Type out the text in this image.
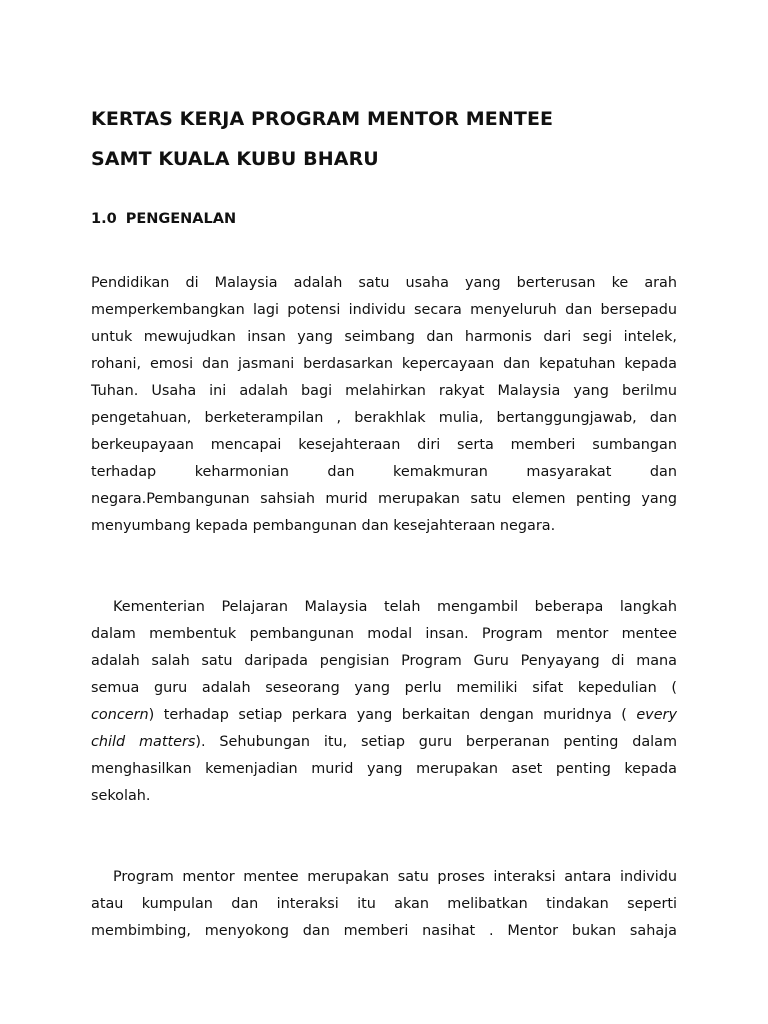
KERTAS KERJA PROGRAM MENTOR MENTEE
SAMT KUALA KUBU BHARU
1.0 PENGENALAN

Pendidikan di Malaysia adalah satu usaha yang berterusan ke arah
memperkembangkan lagi potensi individu secara menyeluruh dan bersepadu
untuk mewujudkan insan yang seimbang dan harmonis dari segi intelek,
rohani, emosi dan jasmani berdasarkan kepercayaan dan kepatuhan kepada
Tuhan. Usaha ini adalah bagi melahirkan rakyat Malaysia yang berilmu
pengetahuan, berketerampilan , berakhlak mulia, bertanggungjawab, dan
berkeupayaan mencapai kesejahteraan diri serta memberi sumbangan
terhadap keharmonian dan kemakmuran masyarakat dan
negara.Pembangunan sahsiah murid merupakan satu elemen penting yang
menyumbang kepada pembangunan dan kesejahteraan negara.

Kementerian Pelajaran Malaysia telah mengambil beberapa langkah
dalam membentuk pembangunan modal insan. Program mentor mentee
adalah salah satu daripada pengisian Program Guru Penyayang di mana
semua guru adalah seseorang yang perlu memiliki sifat kepedulian (
concern) terhadap setiap perkara yang berkaitan dengan muridnya ( every
child matters). Sehubungan itu, setiap guru berperanan penting dalam
menghasilkan kemenjadian murid yang merupakan aset penting kepada
sekolah.

Program mentor mentee merupakan satu proses interaksi antara individu
atau kumpulan dan interaksi itu akan melibatkan tindakan seperti
membimbing, menyokong dan memberi nasihat . Mentor bukan sahaja
